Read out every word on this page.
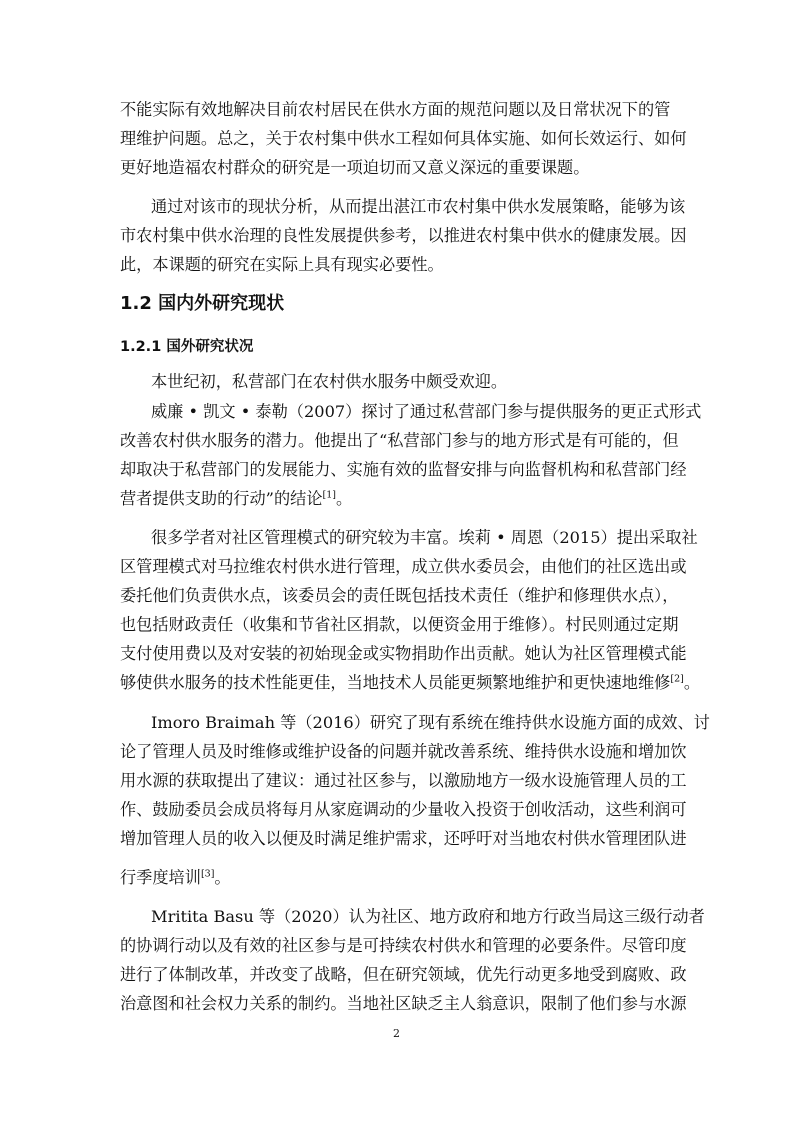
不能实际有效地解决目前农村居民在供水方面的规范问题以及日常状况下的管
理维护问题。总之，关于农村集中供水工程如何具体实施、如何长效运行、如何
更好地造福农村群众的研究是一项迫切而又意义深远的重要课题。
通过对该市的现状分析，从而提出湛江市农村集中供水发展策略，能够为该
市农村集中供水治理的良性发展提供参考，以推进农村集中供水的健康发展。因
此，本课题的研究在实际上具有现实必要性。
1.2 国内外研究现状
1.2.1 国外研究状况
本世纪初，私营部门在农村供水服务中颇受欢迎。
威廉 • 凯文 • 泰勒（2007）探讨了通过私营部门参与提供服务的更正式形式
改善农村供水服务的潜力。他提出了“私营部门参与的地方形式是有可能的，但
却取决于私营部门的发展能力、实施有效的监督安排与向监督机构和私营部门经
营者提供支助的行动”的结论[1]。
很多学者对社区管理模式的研究较为丰富。埃莉 • 周恩（2015）提出采取社
区管理模式对马拉维农村供水进行管理，成立供水委员会，由他们的社区选出或
委托他们负责供水点，该委员会的责任既包括技术责任（维护和修理供水点），
也包括财政责任（收集和节省社区捐款，以便资金用于维修）。村民则通过定期
支付使用费以及对安装的初始现金或实物捐助作出贡献。她认为社区管理模式能
够使供水服务的技术性能更佳，当地技术人员能更频繁地维护和更快速地维修[2]。
Imoro Braimah 等（2016）研究了现有系统在维持供水设施方面的成效、讨
论了管理人员及时维修或维护设备的问题并就改善系统、维持供水设施和增加饮
用水源的获取提出了建议：通过社区参与，以激励地方一级水设施管理人员的工
作、鼓励委员会成员将每月从家庭调动的少量收入投资于创收活动，这些利润可
增加管理人员的收入以便及时满足维护需求，还呼吁对当地农村供水管理团队进
行季度培训[3]。
Mritita Basu 等（2020）认为社区、地方政府和地方行政当局这三级行动者
的协调行动以及有效的社区参与是可持续农村供水和管理的必要条件。尽管印度
进行了体制改革，并改变了战略，但在研究领域，优先行动更多地受到腐败、政
治意图和社会权力关系的制约。当地社区缺乏主人翁意识，限制了他们参与水源
2
